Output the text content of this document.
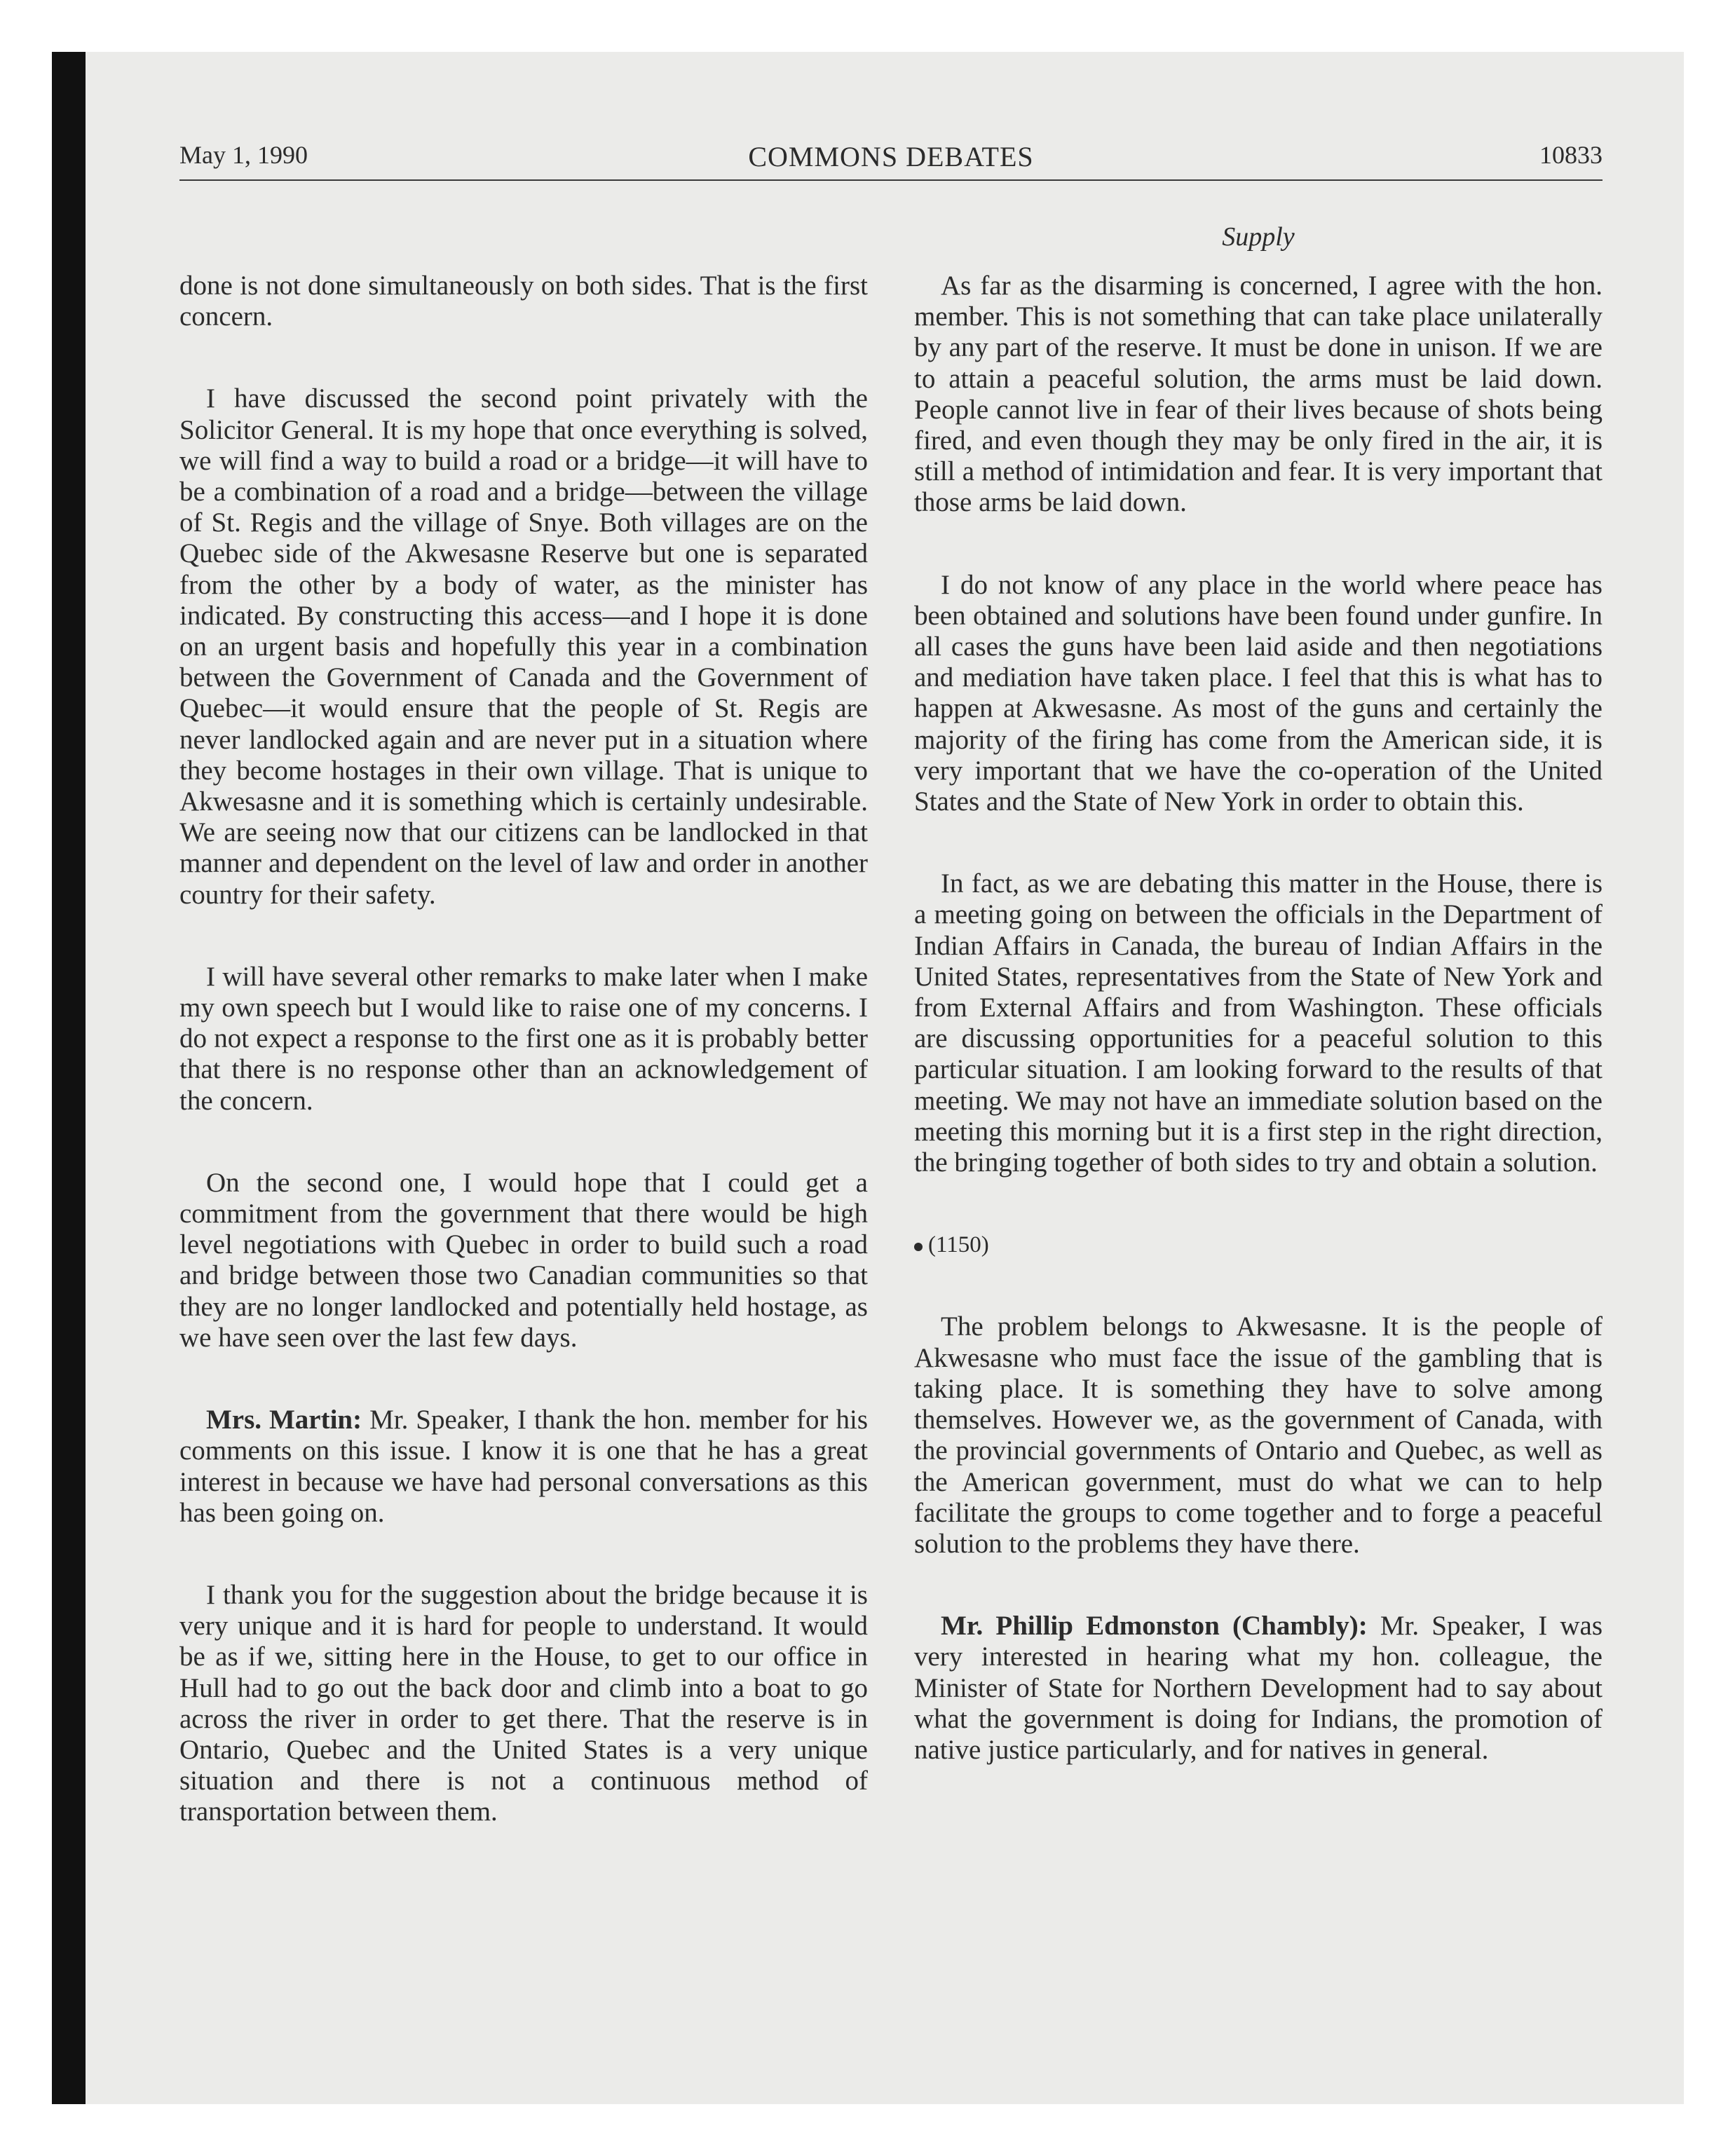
May 1, 1990	COMMONS DEBATES	10833
Supply

done is not done simultaneously on both sides. That is the first concern.

I have discussed the second point privately with the Solicitor General. It is my hope that once everything is solved, we will find a way to build a road or a bridge—it will have to be a combination of a road and a bridge—between the village of St. Regis and the village of Snye. Both villages are on the Quebec side of the Akwesasne Reserve but one is separated from the other by a body of water, as the minister has indicated. By constructing this access—and I hope it is done on an urgent basis and hopefully this year in a combination between the Government of Canada and the Government of Quebec—it would ensure that the people of St. Regis are never landlocked again and are never put in a situation where they become hostages in their own village. That is unique to Akwesasne and it is something which is certainly undesirable. We are seeing now that our citizens can be landlocked in that manner and dependent on the level of law and order in another country for their safety.

I will have several other remarks to make later when I make my own speech but I would like to raise one of my concerns. I do not expect a response to the first one as it is probably better that there is no response other than an acknowledgement of the concern.

On the second one, I would hope that I could get a commitment from the government that there would be high level negotiations with Quebec in order to build such a road and bridge between those two Canadian communities so that they are no longer landlocked and potentially held hostage, as we have seen over the last few days.

Mrs. Martin: Mr. Speaker, I thank the hon. member for his comments on this issue. I know it is one that he has a great interest in because we have had personal conversations as this has been going on.

I thank you for the suggestion about the bridge because it is very unique and it is hard for people to understand. It would be as if we, sitting here in the House, to get to our office in Hull had to go out the back door and climb into a boat to go across the river in order to get there. That the reserve is in Ontario, Quebec and the United States is a very unique situation and there is not a continuous method of transportation between them.

As far as the disarming is concerned, I agree with the hon. member. This is not something that can take place unilaterally by any part of the reserve. It must be done in unison. If we are to attain a peaceful solution, the arms must be laid down. People cannot live in fear of their lives because of shots being fired, and even though they may be only fired in the air, it is still a method of intimidation and fear. It is very important that those arms be laid down.

I do not know of any place in the world where peace has been obtained and solutions have been found under gunfire. In all cases the guns have been laid aside and then negotiations and mediation have taken place. I feel that this is what has to happen at Akwesasne. As most of the guns and certainly the majority of the firing has come from the American side, it is very important that we have the co-operation of the United States and the State of New York in order to obtain this.

In fact, as we are debating this matter in the House, there is a meeting going on between the officials in the Department of Indian Affairs in Canada, the bureau of Indian Affairs in the United States, representatives from the State of New York and from External Affairs and from Washington. These officials are discussing opportunities for a peaceful solution to this particular situation. I am looking forward to the results of that meeting. We may not have an immediate solution based on the meeting this morning but it is a first step in the right direction, the bringing together of both sides to try and obtain a solution.

(1150)

The problem belongs to Akwesasne. It is the people of Akwesasne who must face the issue of the gambling that is taking place. It is something they have to solve among themselves. However we, as the government of Canada, with the provincial governments of Ontario and Quebec, as well as the American government, must do what we can to help facilitate the groups to come together and to forge a peaceful solution to the problems they have there.

Mr. Phillip Edmonston (Chambly): Mr. Speaker, I was very interested in hearing what my hon. colleague, the Minister of State for Northern Development had to say about what the government is doing for Indians, the promotion of native justice particularly, and for natives in general.
